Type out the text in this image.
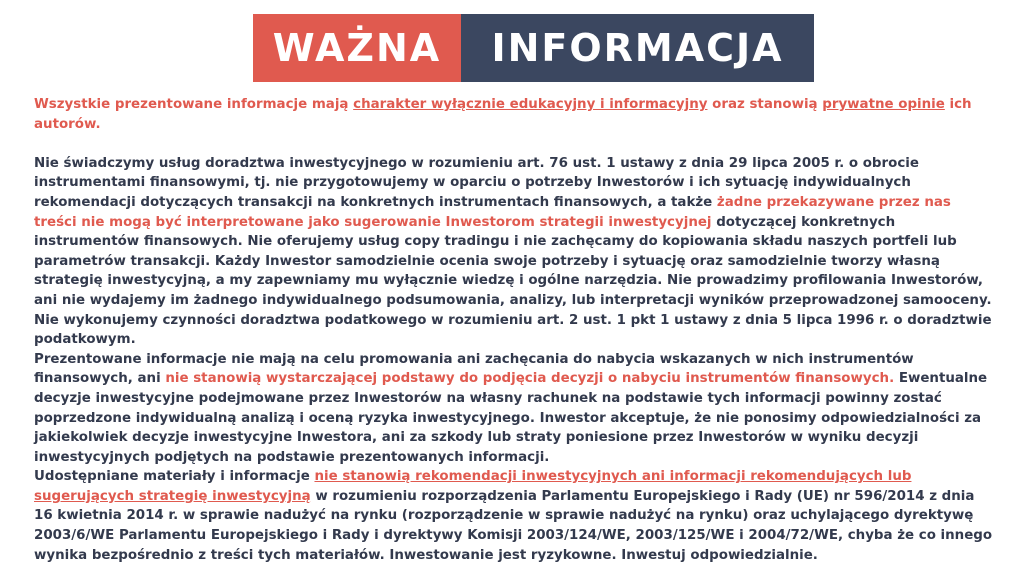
WAŻNA	INFORMACJA

Wszystkie prezentowane informacje mają charakter wyłącznie edukacyjny i informacyjny oraz stanowią prywatne opinie ich autorów.

Nie świadczymy usług doradztwa inwestycyjnego w rozumieniu art. 76 ust. 1 ustawy z dnia 29 lipca 2005 r. o obrocie instrumentami finansowymi, tj. nie przygotowujemy w oparciu o potrzeby Inwestorów i ich sytuację indywidualnych rekomendacji dotyczących transakcji na konkretnych instrumentach finansowych, a także żadne przekazywane przez nas treści nie mogą być interpretowane jako sugerowanie Inwestorom strategii inwestycyjnej dotyczącej konkretnych instrumentów finansowych. Nie oferujemy usług copy tradingu i nie zachęcamy do kopiowania składu naszych portfeli lub parametrów transakcji. Każdy Inwestor samodzielnie ocenia swoje potrzeby i sytuację oraz samodzielnie tworzy własną strategię inwestycyjną, a my zapewniamy mu wyłącznie wiedzę i ogólne narzędzia. Nie prowadzimy profilowania Inwestorów, ani nie wydajemy im żadnego indywidualnego podsumowania, analizy, lub interpretacji wyników przeprowadzonej samooceny. Nie wykonujemy czynności doradztwa podatkowego w rozumieniu art. 2 ust. 1 pkt 1 ustawy z dnia 5 lipca 1996 r. o doradztwie podatkowym.

Prezentowane informacje nie mają na celu promowania ani zachęcania do nabycia wskazanych w nich instrumentów finansowych, ani nie stanowią wystarczającej podstawy do podjęcia decyzji o nabyciu instrumentów finansowych. Ewentualne decyzje inwestycyjne podejmowane przez Inwestorów na własny rachunek na podstawie tych informacji powinny zostać poprzedzone indywidualną analizą i oceną ryzyka inwestycyjnego. Inwestor akceptuje, że nie ponosimy odpowiedzialności za jakiekolwiek decyzje inwestycyjne Inwestora, ani za szkody lub straty poniesione przez Inwestorów w wyniku decyzji inwestycyjnych podjętych na podstawie prezentowanych informacji.

Udostępniane materiały i informacje nie stanowią rekomendacji inwestycyjnych ani informacji rekomendujących lub sugerujących strategię inwestycyjną w rozumieniu rozporządzenia Parlamentu Europejskiego i Rady (UE) nr 596/2014 z dnia 16 kwietnia 2014 r. w sprawie nadużyć na rynku (rozporządzenie w sprawie nadużyć na rynku) oraz uchylającego dyrektywę 2003/6/WE Parlamentu Europejskiego i Rady i dyrektywy Komisji 2003/124/WE, 2003/125/WE i 2004/72/WE, chyba że co innego wynika bezpośrednio z treści tych materiałów. Inwestowanie jest ryzykowne. Inwestuj odpowiedzialnie.
